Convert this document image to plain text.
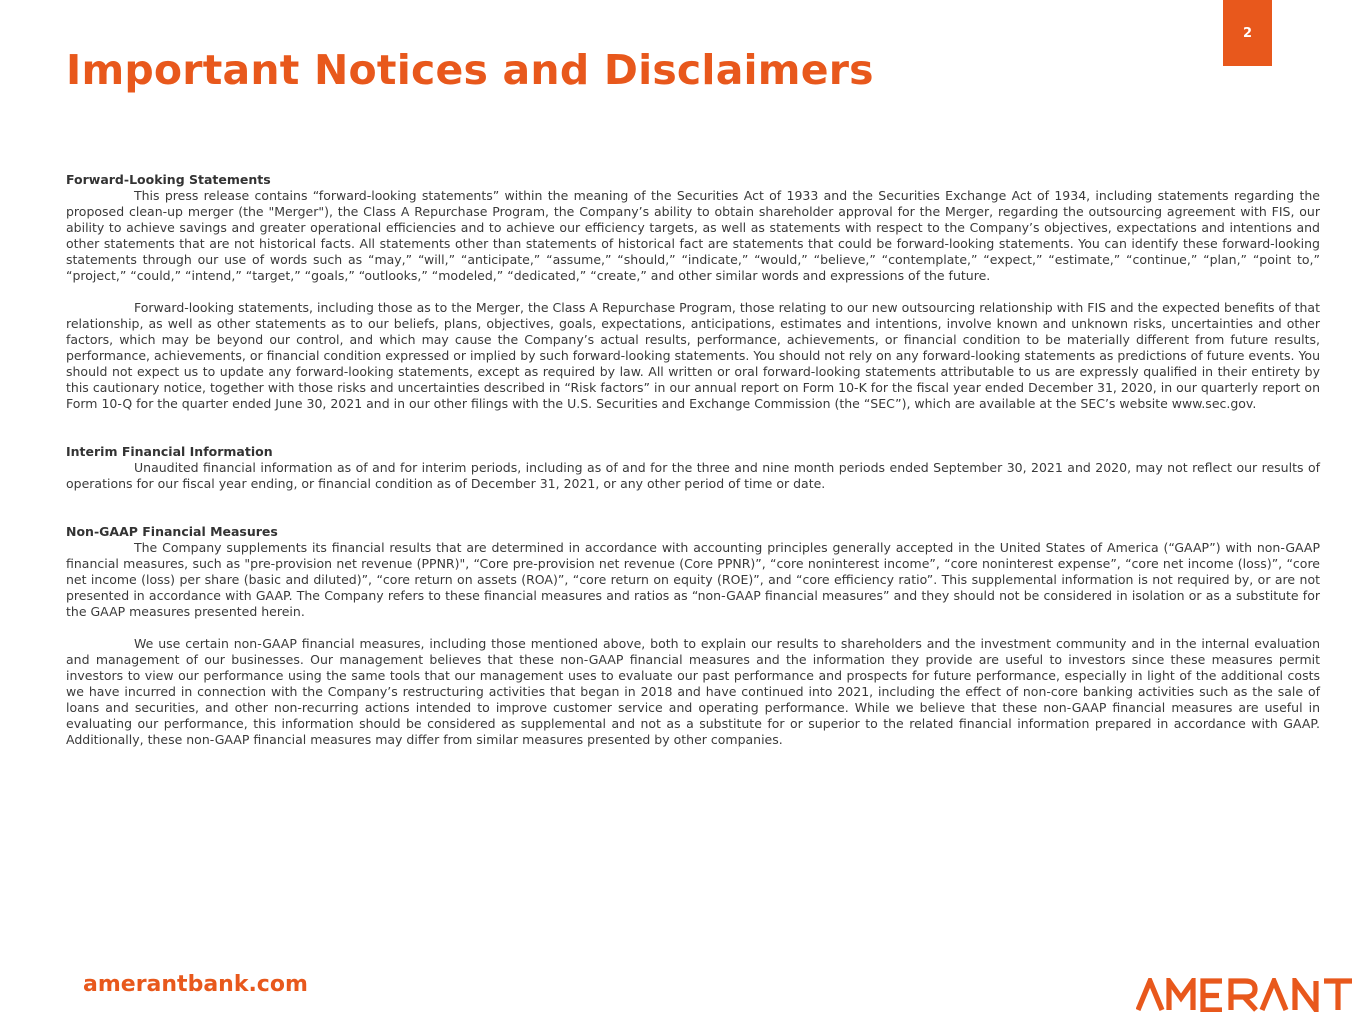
2
Important Notices and Disclaimers

Forward-Looking Statements

This press release contains “forward-looking statements” within the meaning of the Securities Act of 1933 and the Securities Exchange Act of 1934, including statements regarding the proposed clean-up merger (the "Merger"), the Class A Repurchase Program, the Company’s ability to obtain shareholder approval for the Merger, regarding the outsourcing agreement with FIS, our ability to achieve savings and greater operational efficiencies and to achieve our efficiency targets, as well as statements with respect to the Company’s objectives, expectations and intentions and other statements that are not historical facts. All statements other than statements of historical fact are statements that could be forward-looking statements. You can identify these forward-looking statements through our use of words such as “may,” “will,” “anticipate,” “assume,” “should,” “indicate,” “would,” “believe,” “contemplate,” “expect,” “estimate,” “continue,” “plan,” “point to,” “project,” “could,” “intend,” “target,” “goals,” “outlooks,” “modeled,” “dedicated,” “create,” and other similar words and expressions of the future.

Forward-looking statements, including those as to the Merger, the Class A Repurchase Program, those relating to our new outsourcing relationship with FIS and the expected benefits of that relationship, as well as other statements as to our beliefs, plans, objectives, goals, expectations, anticipations, estimates and intentions, involve known and unknown risks, uncertainties and other factors, which may be beyond our control, and which may cause the Company’s actual results, performance, achievements, or financial condition to be materially different from future results, performance, achievements, or financial condition expressed or implied by such forward-looking statements. You should not rely on any forward-looking statements as predictions of future events. You should not expect us to update any forward-looking statements, except as required by law. All written or oral forward-looking statements attributable to us are expressly qualified in their entirety by this cautionary notice, together with those risks and uncertainties described in “Risk factors” in our annual report on Form 10-K for the fiscal year ended December 31, 2020, in our quarterly report on Form 10-Q for the quarter ended June 30, 2021 and in our other filings with the U.S. Securities and Exchange Commission (the “SEC”), which are available at the SEC’s website www.sec.gov.

Interim Financial Information

Unaudited financial information as of and for interim periods, including as of and for the three and nine month periods ended September 30, 2021 and 2020, may not reflect our results of operations for our fiscal year ending, or financial condition as of December 31, 2021, or any other period of time or date.

Non-GAAP Financial Measures

The Company supplements its financial results that are determined in accordance with accounting principles generally accepted in the United States of America (“GAAP”) with non-GAAP financial measures, such as "pre-provision net revenue (PPNR)", “Core pre-provision net revenue (Core PPNR)”, “core noninterest income”, “core noninterest expense”, “core net income (loss)”, “core net income (loss) per share (basic and diluted)”, “core return on assets (ROA)”, “core return on equity (ROE)”, and “core efficiency ratio”. This supplemental information is not required by, or are not presented in accordance with GAAP. The Company refers to these financial measures and ratios as “non-GAAP financial measures” and they should not be considered in isolation or as a substitute for the GAAP measures presented herein.

We use certain non-GAAP financial measures, including those mentioned above, both to explain our results to shareholders and the investment community and in the internal evaluation and management of our businesses. Our management believes that these non-GAAP financial measures and the information they provide are useful to investors since these measures permit investors to view our performance using the same tools that our management uses to evaluate our past performance and prospects for future performance, especially in light of the additional costs we have incurred in connection with the Company’s restructuring activities that began in 2018 and have continued into 2021, including the effect of non-core banking activities such as the sale of loans and securities, and other non-recurring actions intended to improve customer service and operating performance. While we believe that these non-GAAP financial measures are useful in evaluating our performance, this information should be considered as supplemental and not as a substitute for or superior to the related financial information prepared in accordance with GAAP. Additionally, these non-GAAP financial measures may differ from similar measures presented by other companies.

amerantbank.com
